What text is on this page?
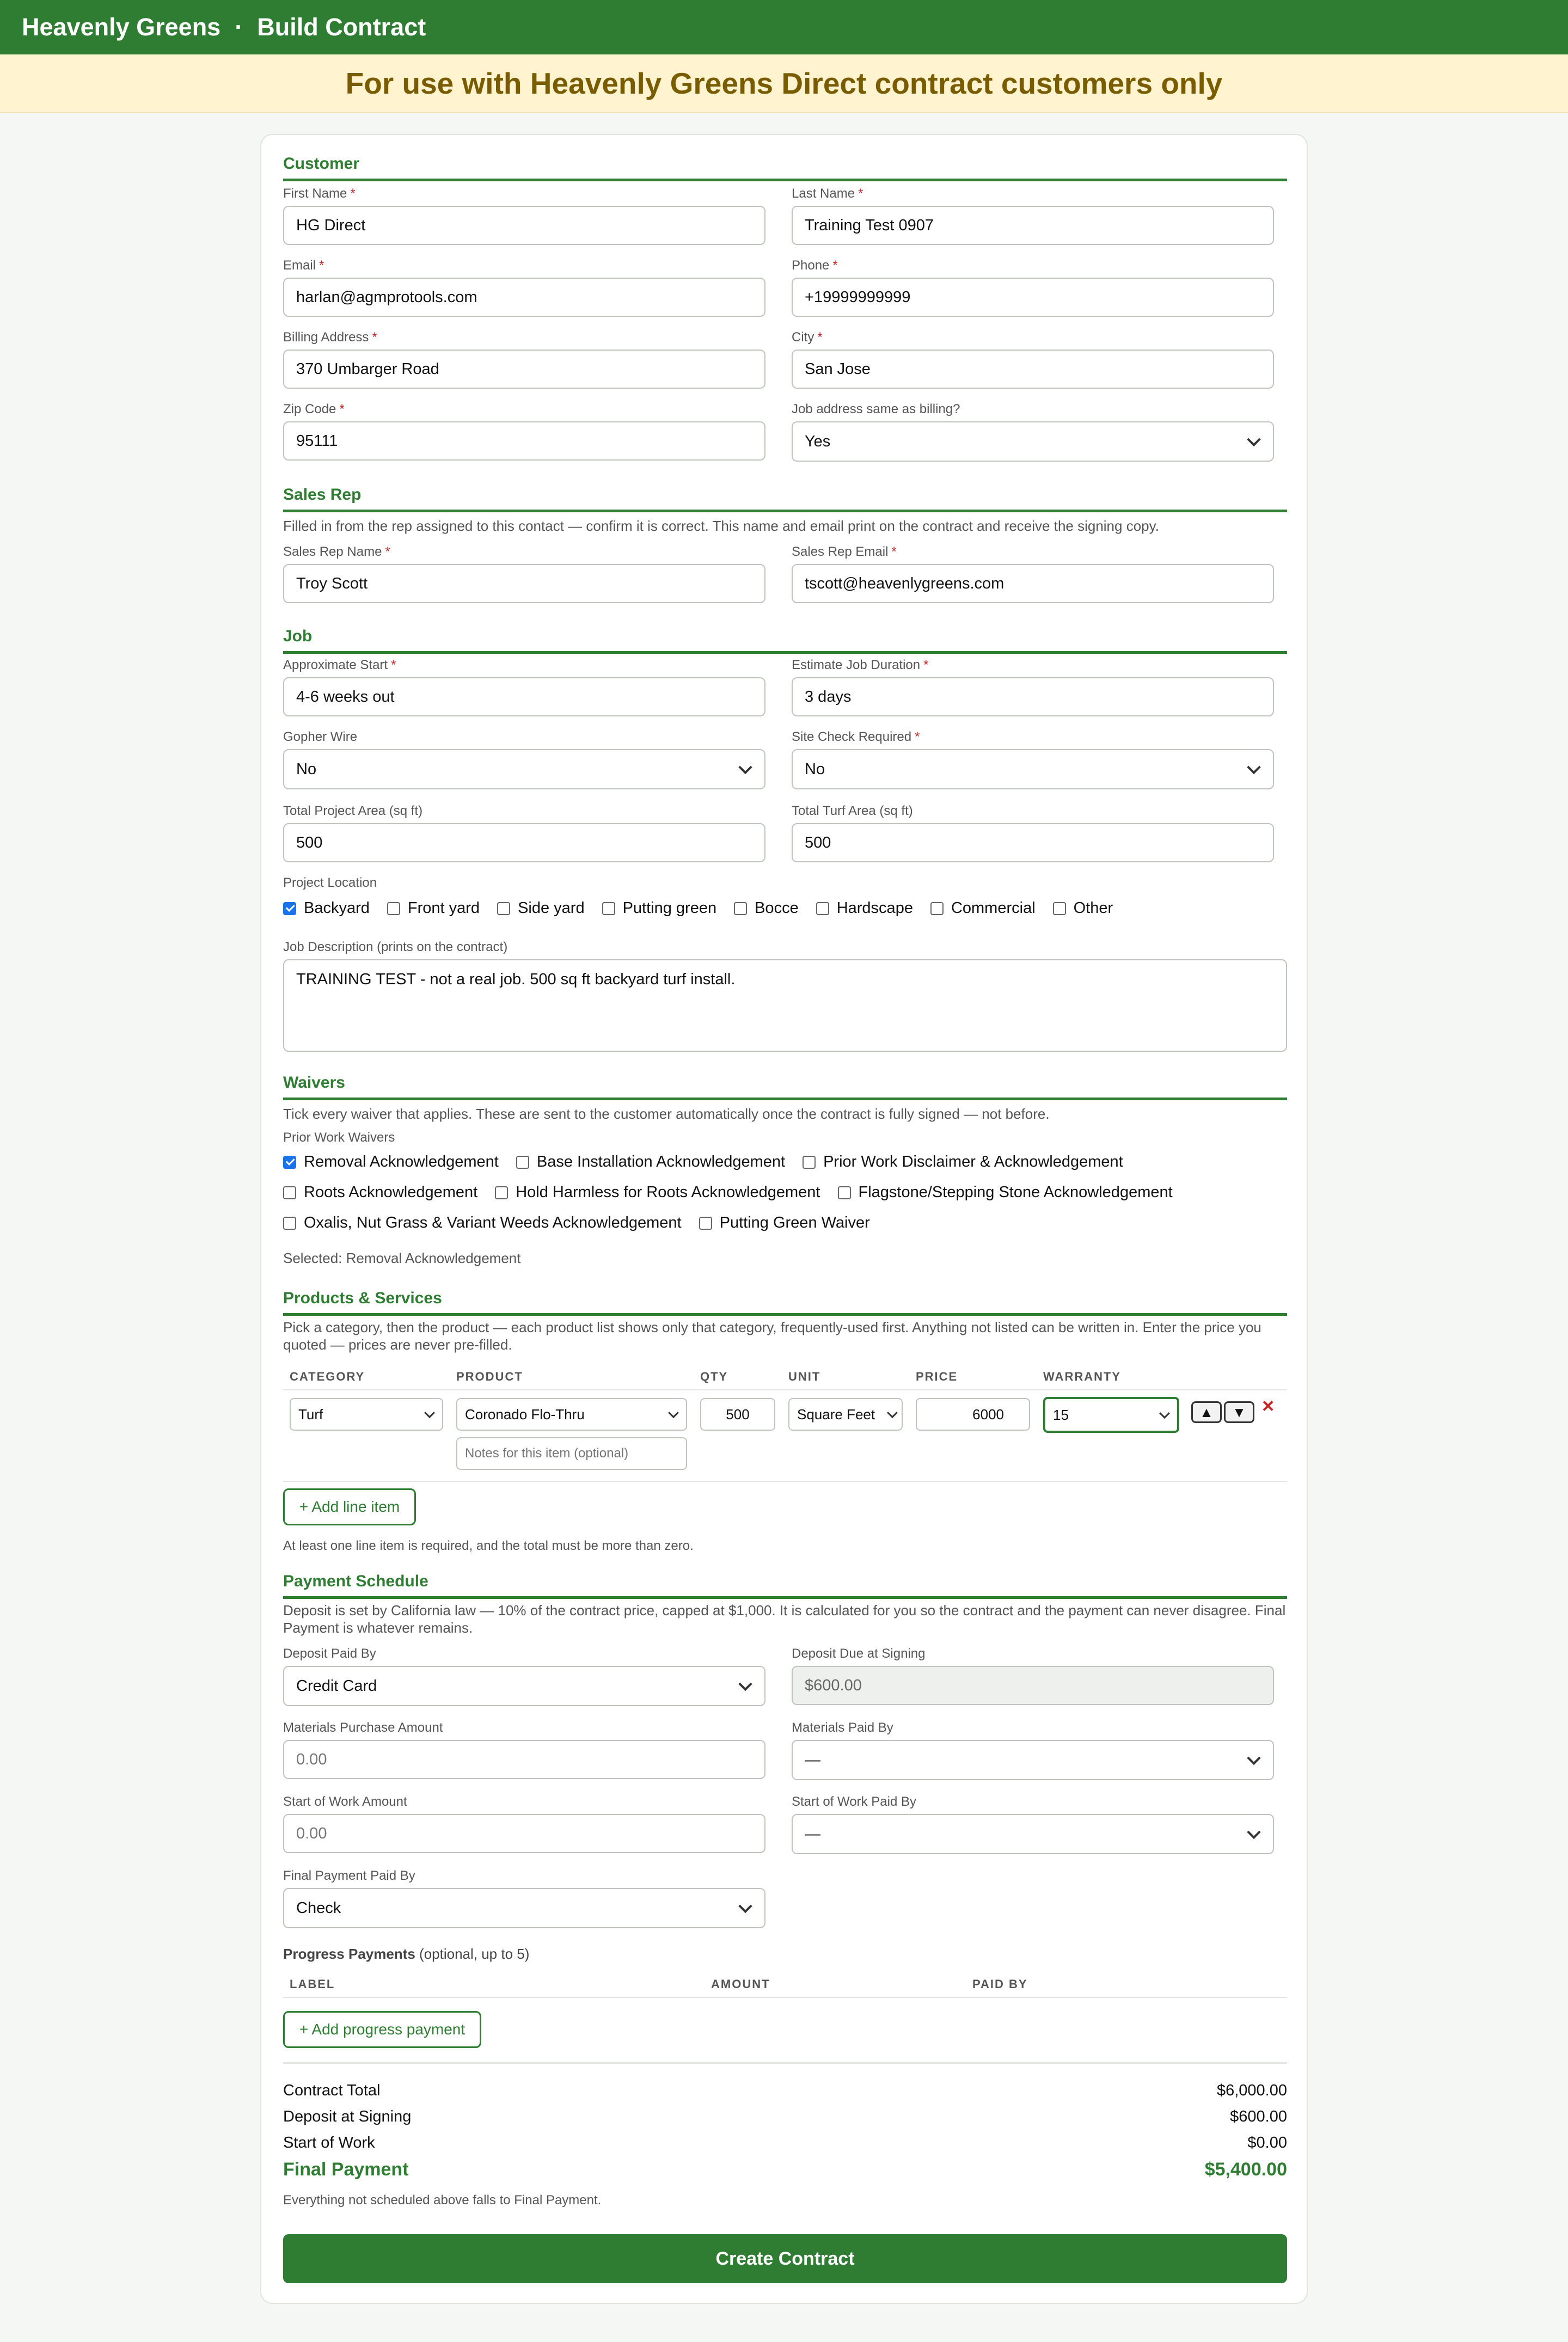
Heavenly Greens · Build Contract
For use with Heavenly Greens Direct contract customers only
Customer
First Name *
HG Direct	Last Name *
Training Test 0907
Email *
harlan@agmprotools.com	Phone *
+19999999999
Billing Address *
370 Umbarger Road	City *
San Jose
Zip Code *
95111	Job address same as billing?
Yes
Sales Rep
Filled in from the rep assigned to this contact — confirm it is correct. This name and email print on the contract and receive the signing copy.
Sales Rep Name *
Troy Scott	Sales Rep Email *
tscott@heavenlygreens.com
Job
Approximate Start *
4-6 weeks out	Estimate Job Duration *
3 days
Gopher Wire
No
Site Check Required *
No
Total Project Area (sq ft)
500	Total Turf Area (sq ft)
500
Project Location
Backyard Front yard Side yard Putting green Bocce Hardscape Commercial Other
Job Description (prints on the contract)
TRAINING TEST - not a real job. 500 sq ft backyard turf install.
Waivers
Tick every waiver that applies. These are sent to the customer automatically once the contract is fully signed — not before.
Prior Work Waivers
Removal Acknowledgement Base Installation Acknowledgement Prior Work Disclaimer & Acknowledgement
Roots Acknowledgement Hold Harmless for Roots Acknowledgement Flagstone/Stepping Stone Acknowledgement
Oxalis, Nut Grass & Variant Weeds Acknowledgement Putting Green Waiver
Selected: Removal Acknowledgement
Products & Services
Pick a category, then the product — each product list shows only that category, frequently-used first. Anything not listed can be written in. Enter the price you quoted — prices are never pre-filled.
CATEGORY	PRODUCT	QTY	UNIT	PRICE	WARRANTY
Turf	Coronado Flo-Thru	500	Square Feet	6000	15	▲ ▼ ×
Notes for this item (optional)
+ Add line item
At least one line item is required, and the total must be more than zero.
Payment Schedule
Deposit is set by California law — 10% of the contract price, capped at $1,000. It is calculated for you so the contract and the payment can never disagree. Final Payment is whatever remains.
Deposit Paid By
Credit Card
Deposit Due at Signing
$600.00
Materials Purchase Amount
0.00	Materials Paid By
—
Start of Work Amount
0.00	Start of Work Paid By
—
Final Payment Paid By
Check
Progress Payments (optional, up to 5)
LABEL	AMOUNT	PAID BY
+ Add progress payment
Contract Total	$6,000.00
Deposit at Signing	$600.00
Start of Work	$0.00
Final Payment	$5,400.00
Everything not scheduled above falls to Final Payment.
Create Contract
